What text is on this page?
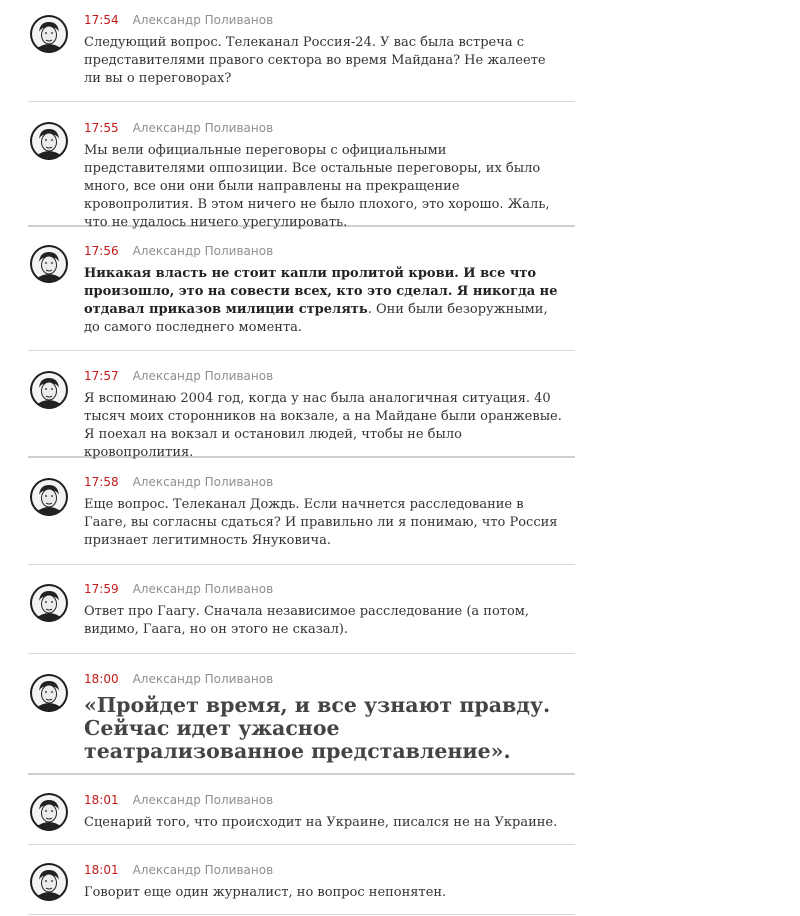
17:54 Александр Поливанов
Следующий вопрос. Телеканал Россия-24. У вас была встреча с представителями правого сектора во время Майдана? Не жалеете ли вы о переговорах?
17:55 Александр Поливанов
Мы вели официальные переговоры с официальными представителями оппозиции. Все остальные переговоры, их было много, все они они были направлены на прекращение кровопролития. В этом ничего не было плохого, это хорошо. Жаль, что не удалось ничего урегулировать.
17:56 Александр Поливанов
Никакая власть не стоит капли пролитой крови. И все что произошло, это на совести всех, кто это сделал. Я никогда не отдавал приказов милиции стрелять. Они были безоружными, до самого последнего момента.
17:57 Александр Поливанов
Я вспоминаю 2004 год, когда у нас была аналогичная ситуация. 40 тысяч моих сторонников на вокзале, а на Майдане были оранжевые. Я поехал на вокзал и остановил людей, чтобы не было кровопролития.
17:58 Александр Поливанов
Еще вопрос. Телеканал Дождь. Если начнется расследование в Гааге, вы согласны сдаться? И правильно ли я понимаю, что Россия признает легитимность Януковича.
17:59 Александр Поливанов
Ответ про Гаагу. Сначала независимое расследование (а потом, видимо, Гаага, но он этого не сказал).
18:00 Александр Поливанов
«Пройдет время, и все узнают правду. Сейчас идет ужасное театрализованное представление».
18:01 Александр Поливанов
Сценарий того, что происходит на Украине, писался не на Украине.
18:01 Александр Поливанов
Говорит еще один журналист, но вопрос непонятен.
